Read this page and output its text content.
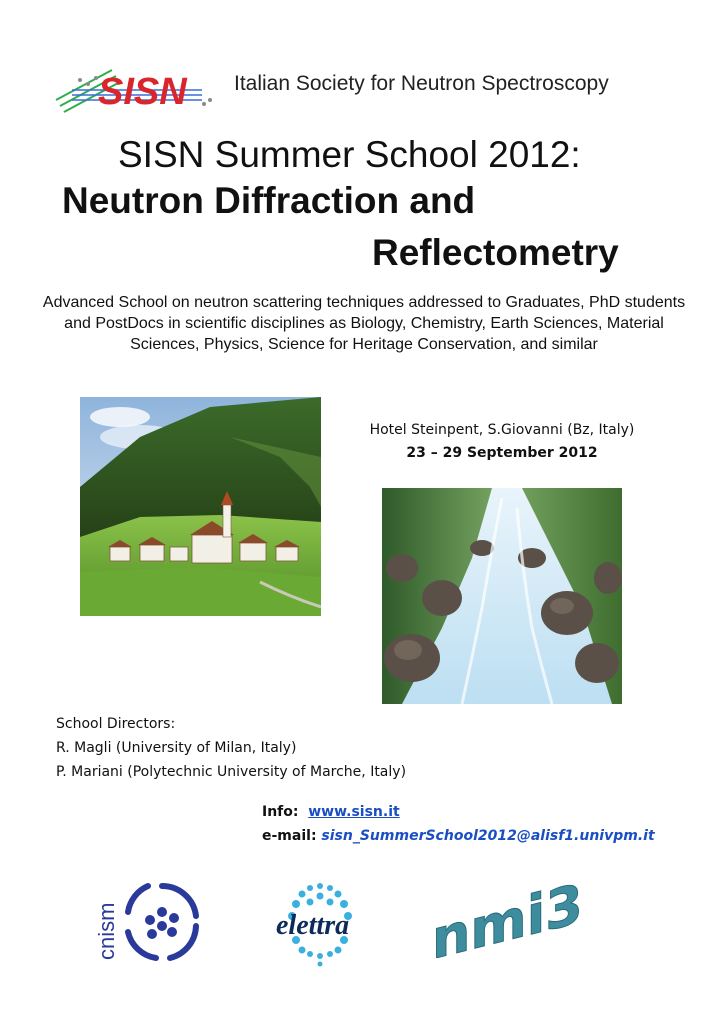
SISN Italian Society for Neutron Spectroscopy
SISN Summer School 2012:
Neutron Diffraction and
Reflectometry
Advanced School on neutron scattering techniques addressed to Graduates, PhD students and PostDocs in scientific disciplines as Biology, Chemistry, Earth Sciences, Material Sciences, Physics, Science for Heritage Conservation, and similar
Hotel Steinpent, S.Giovanni (Bz, Italy)
23 – 29 September 2012
School Directors:
R. Magli (University of Milan, Italy)
P. Mariani (Polytechnic University of Marche, Italy)
Info: www.sisn.it
e-mail: sisn_SummerSchool2012@alisf1.univpm.it
cnism	elettra nmi3
